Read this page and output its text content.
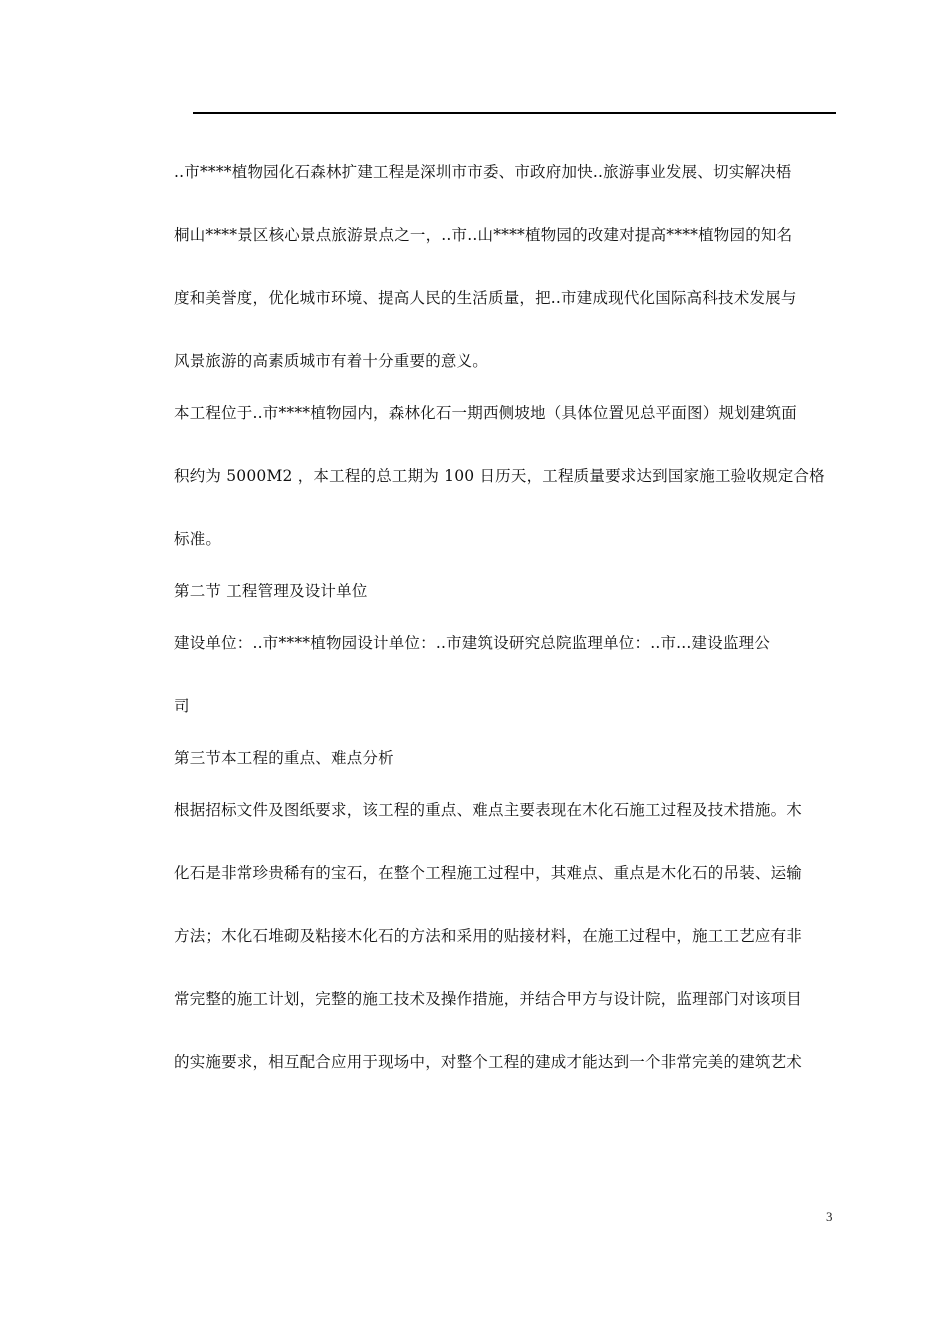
..市****植物园化石森林扩建工程是深圳市市委、市政府加快..旅游事业发展、切实解决梧
桐山****景区核心景点旅游景点之一，..市..山****植物园的改建对提高****植物园的知名
度和美誉度，优化城市环境、提高人民的生活质量，把..市建成现代化国际高科技术发展与
风景旅游的高素质城市有着十分重要的意义。
本工程位于..市****植物园内，森林化石一期西侧坡地（具体位置见总平面图）规划建筑面
积约为 5000M2 ，本工程的总工期为 100 日历天，工程质量要求达到国家施工验收规定合格
标准。
第二节 工程管理及设计单位
建设单位：..市****植物园设计单位：..市建筑设研究总院监理单位：..市...建设监理公
司
第三节本工程的重点、难点分析
根据招标文件及图纸要求，该工程的重点、难点主要表现在木化石施工过程及技术措施。木
化石是非常珍贵稀有的宝石，在整个工程施工过程中，其难点、重点是木化石的吊装、运输
方法；木化石堆砌及粘接木化石的方法和采用的贴接材料，在施工过程中，施工工艺应有非
常完整的施工计划，完整的施工技术及操作措施，并结合甲方与设计院，监理部门对该项目
的实施要求，相互配合应用于现场中，对整个工程的建成才能达到一个非常完美的建筑艺术
3
